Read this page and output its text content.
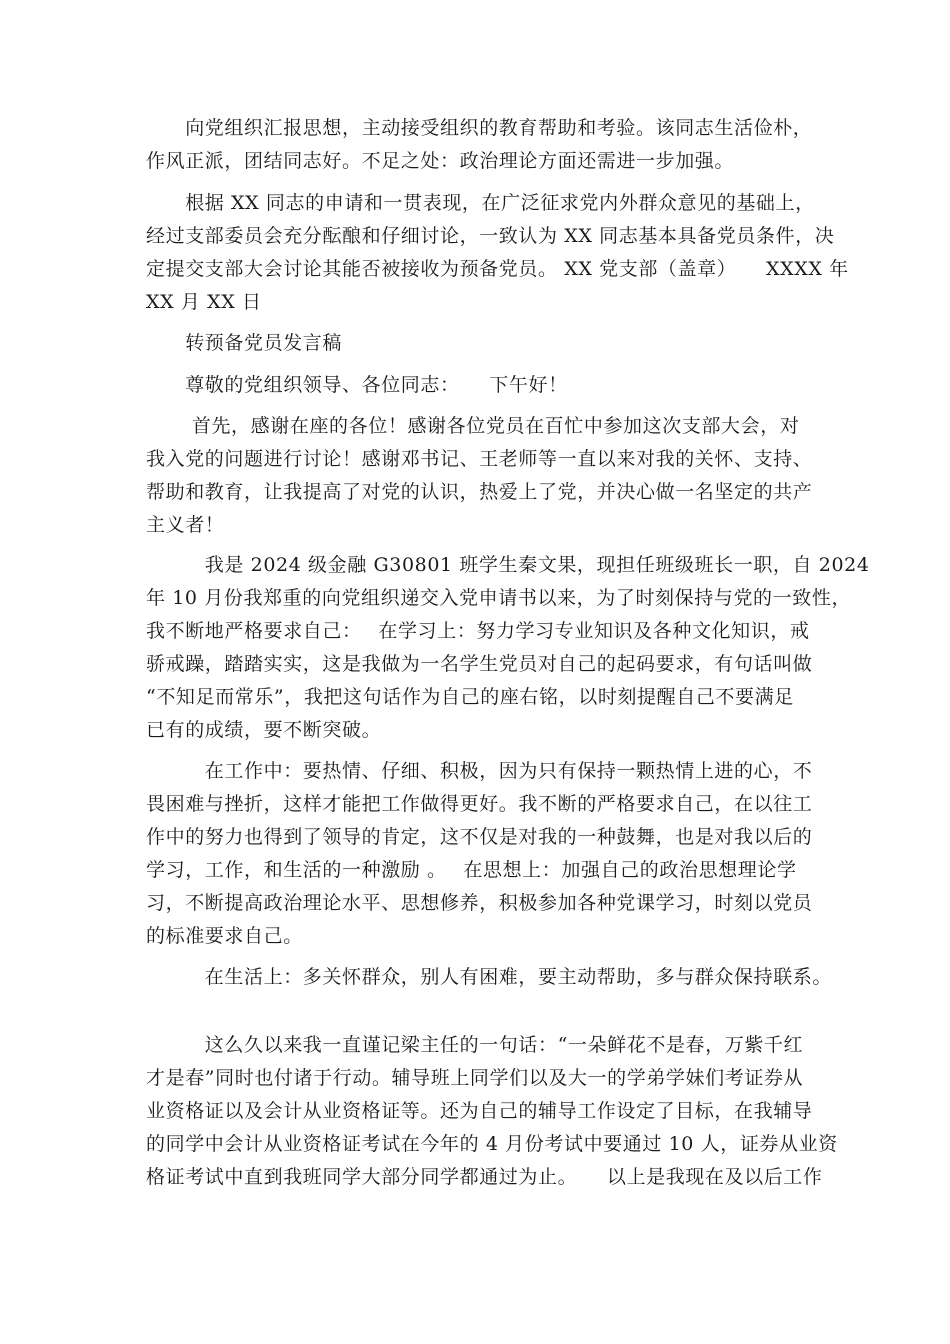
　　向党组织汇报思想，主动接受组织的教育帮助和考验。该同志生活俭朴，
作风正派，团结同志好。不足之处：政治理论方面还需进一步加强。
　　根据 XX 同志的申请和一贯表现，在广泛征求党内外群众意见的基础上，
经过支部委员会充分酝酿和仔细讨论，一致认为 XX 同志基本具备党员条件，决
定提交支部大会讨论其能否被接收为预备党员。 XX 党支部（盖章）　　XXXX 年
XX 月 XX 日
　　转预备党员发言稿
　　尊敬的党组织领导、各位同志：　　下午好！
　　 首先，感谢在座的各位！感谢各位党员在百忙中参加这次支部大会，对
我入党的问题进行讨论！感谢邓书记、王老师等一直以来对我的关怀、支持、
帮助和教育，让我提高了对党的认识，热爱上了党，并决心做一名坚定的共产
主义者！
　　　我是 2024 级金融 G30801 班学生秦文果，现担任班级班长一职，自 2024
年 10 月份我郑重的向党组织递交入党申请书以来，为了时刻保持与党的一致性，
我不断地严格要求自己：　 在学习上：努力学习专业知识及各种文化知识，戒
骄戒躁，踏踏实实，这是我做为一名学生党员对自己的起码要求，有句话叫做
“不知足而常乐”，我把这句话作为自己的座右铭，以时刻提醒自己不要满足
已有的成绩，要不断突破。
　　　在工作中：要热情、仔细、积极，因为只有保持一颗热情上进的心，不
畏困难与挫折，这样才能把工作做得更好。我不断的严格要求自己，在以往工
作中的努力也得到了领导的肯定，这不仅是对我的一种鼓舞，也是对我以后的
学习，工作，和生活的一种激励 。　 在思想上：加强自己的政治思想理论学
习，不断提高政治理论水平、思想修养，积极参加各种党课学习，时刻以党员
的标准要求自己。
　　　在生活上：多关怀群众，别人有困难，要主动帮助，多与群众保持联系。
　　　这么久以来我一直谨记梁主任的一句话：“一朵鲜花不是春，万紫千红
才是春”同时也付诸于行动。辅导班上同学们以及大一的学弟学妹们考证券从
业资格证以及会计从业资格证等。还为自己的辅导工作设定了目标，在我辅导
的同学中会计从业资格证考试在今年的 4 月份考试中要通过 10 人，证券从业资
格证考试中直到我班同学大部分同学都通过为止。　　以上是我现在及以后工作
